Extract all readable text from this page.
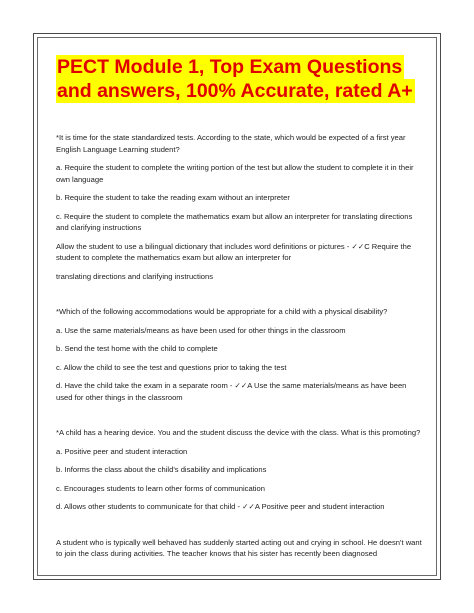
PECT Module 1, Top Exam Questions
and answers, 100% Accurate, rated A+

*It is time for the state standardized tests. According to the state, which would be expected of a first year English Language Learning student?

a. Require the student to complete the writing portion of the test but allow the student to complete it in their own language

b. Require the student to take the reading exam without an interpreter

c. Require the student to complete the mathematics exam but allow an interpreter for translating directions and clarifying instructions

Allow the student to use a bilingual dictionary that includes word definitions or pictures - ✓✓C Require the student to complete the mathematics exam but allow an interpreter for

translating directions and clarifying instructions

*Which of the following accommodations would be appropriate for a child with a physical disability?

a. Use the same materials/means as have been used for other things in the classroom

b. Send the test home with the child to complete

c. Allow the child to see the test and questions prior to taking the test

d. Have the child take the exam in a separate room - ✓✓A Use the same materials/means as have been used for other things in the classroom

*A child has a hearing device. You and the student discuss the device with the class. What is this promoting?

a. Positive peer and student interaction

b. Informs the class about the child's disability and implications

c. Encourages students to learn other forms of communication

d. Allows other students to communicate for that child - ✓✓A Positive peer and student interaction

A student who is typically well behaved has suddenly started acting out and crying in school. He doesn't want to join the class during activities. The teacher knows that his sister has recently been diagnosed
